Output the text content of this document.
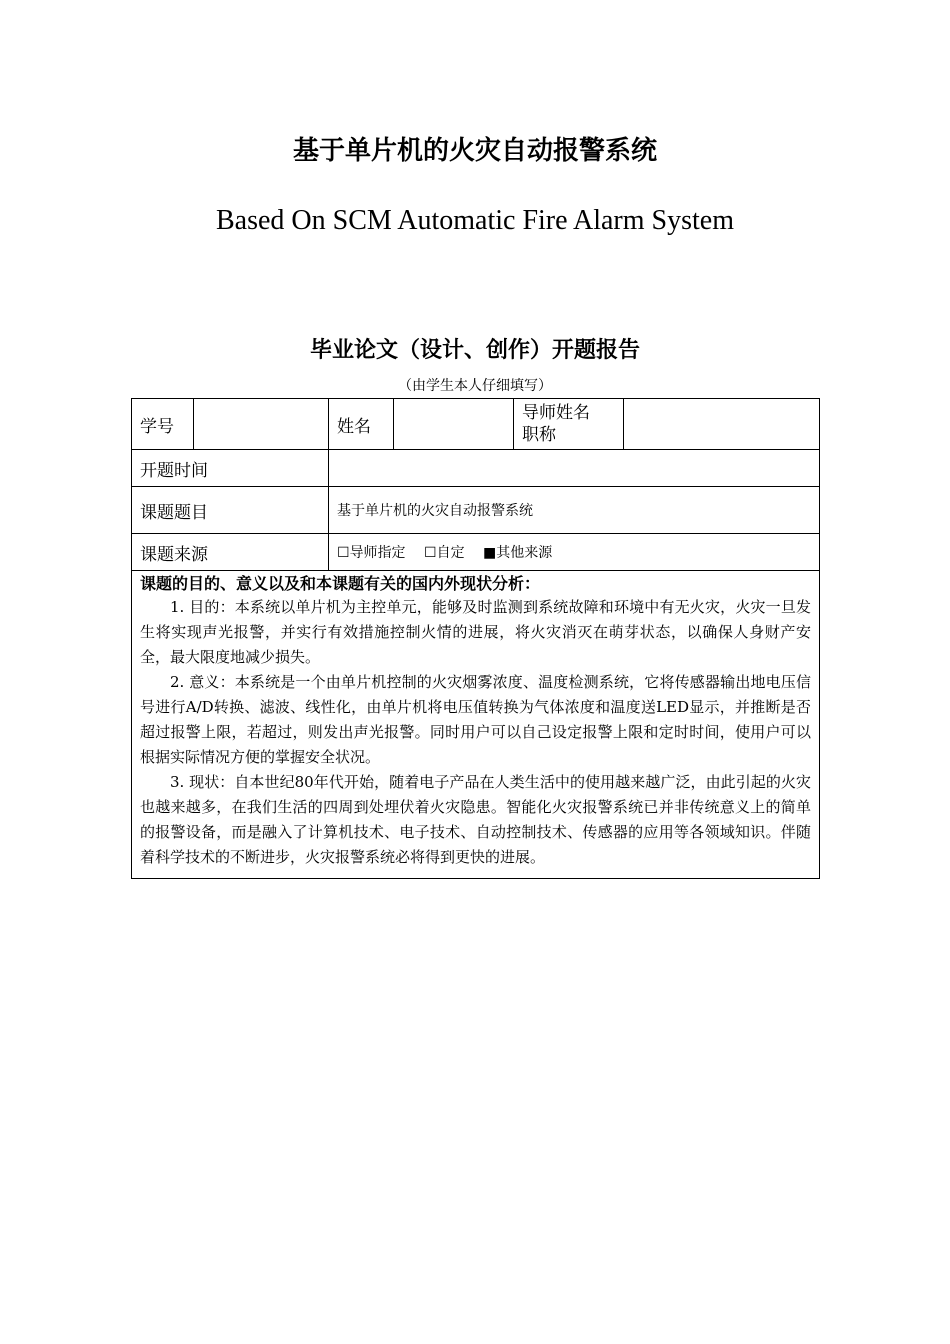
基于单片机的火灾自动报警系统
Based On SCM Automatic Fire Alarm System
毕业论文（设计、创作）开题报告
（由学生本人仔细填写）
学号		姓名		导师姓名
职称	

开题时间					
课题题目		基于单片机的火灾自动报警系统			
课题来源		☐导师指定 ☐自定 ■其他来源			

课题的目的、意义以及和本课题有关的国内外现状分析：

1. 目的：本系统以单片机为主控单元，能够及时监测到系统故障和环境中有无火灾，火灾一旦发生将实现声光报警，并实行有效措施控制火情的进展，将火灾消灭在萌芽状态，以确保人身财产安全，最大限度地减少损失。

2. 意义：本系统是一个由单片机控制的火灾烟雾浓度、温度检测系统，它将传感器输出地电压信号进行A/D转换、滤波、线性化，由单片机将电压值转换为气体浓度和温度送LED显示，并推断是否超过报警上限，若超过，则发出声光报警。同时用户可以自己设定报警上限和定时时间，使用户可以根据实际情况方便的掌握安全状况。

3. 现状：自本世纪80年代开始，随着电子产品在人类生活中的使用越来越广泛，由此引起的火灾也越来越多，在我们生活的四周到处埋伏着火灾隐患。智能化火灾报警系统已并非传统意义上的简单的报警设备，而是融入了计算机技术、电子技术、自动控制技术、传感器的应用等各领域知识。伴随着科学技术的不断进步，火灾报警系统必将得到更快的进展。					
